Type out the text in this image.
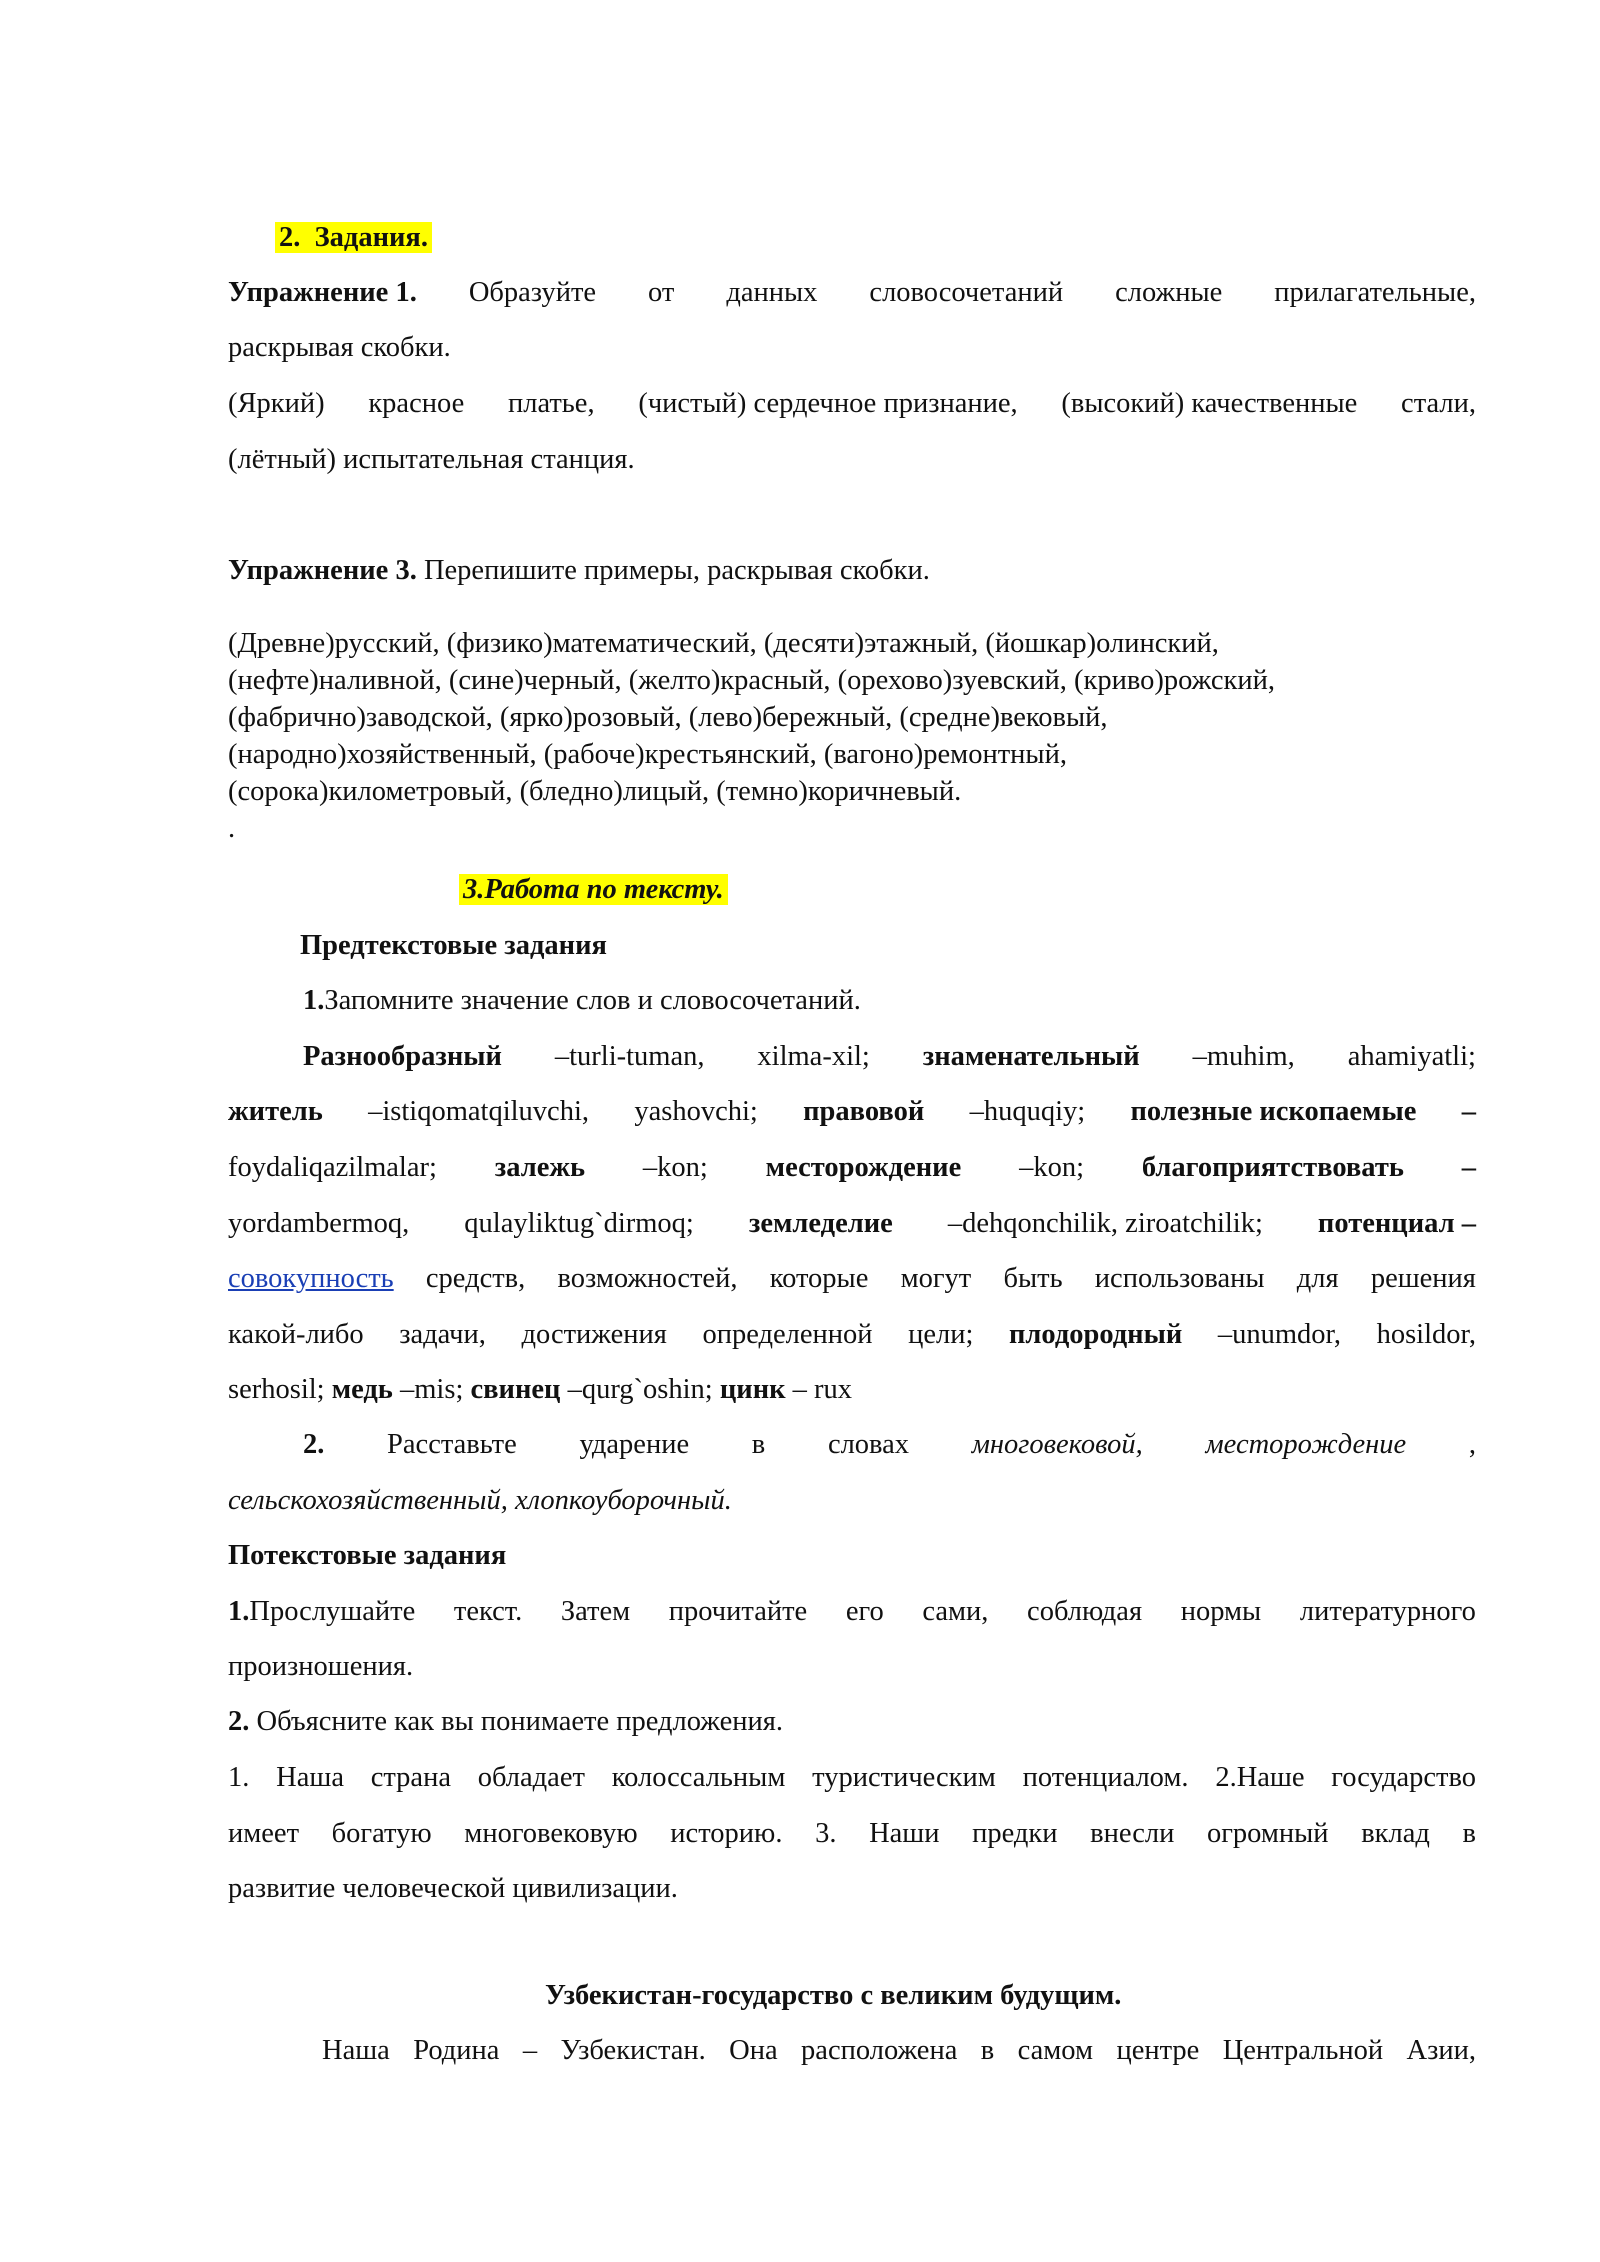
2. Задания.
Упражнение 1. Образуйте от данных словосочетаний сложные прилагательные,
раскрывая скобки.
(Яркий) красное платье, (чистый) сердечное признание, (высокий) качественные стали,
(лётный) испытательная станция.
Упражнение 3. Перепишите примеры, раскрывая скобки.
(Древне)русский, (физико)математический, (десяти)этажный, (йошкар)олинский,
(нефте)наливной, (сине)черный, (желто)красный, (орехово)зуевский, (криво)рожский,
(фабрично)заводской, (ярко)розовый, (лево)бережный, (средне)вековый,
(народно)хозяйственный, (рабоче)крестьянский, (вагоно)ремонтный,
(сорока)километровый, (бледно)лицый, (темно)коричневый.
.
3.Работа по тексту.
Предтекстовые задания
1.Запомните значение слов и словосочетаний.
Разнообразный –turli-tuman, xilma-xil; знаменательный –muhim, ahamiyatli;
житель –istiqomatqiluvchi, yashovchi; правовой –huquqiy; полезные ископаемые –
foydaliqazilmalar; залежь –kon; месторождение –kon; благоприятствовать –
yordambermoq, qulayliktug`dirmoq; земледелие –dehqonchilik, ziroatchilik; потенциал –
совокупность средств, возможностей, которые могут быть использованы для решения
какой-либо задачи, достижения определенной цели; плодородный –unumdor, hosildor,
serhosil; медь –mis; свинец –qurg`oshin; цинк – rux
2. Расставьте ударение в словах многовековой, месторождение ,
сельскохозяйственный, хлопкоуборочный.
Потекстовые задания
1.Прослушайте текст. Затем прочитайте его сами, соблюдая нормы литературного
произношения.
2. Объясните как вы понимаете предложения.
1. Наша страна обладает колоссальным туристическим потенциалом. 2.Наше государство
имеет богатую многовековую историю. 3. Наши предки внесли огромный вклад в
развитие человеческой цивилизации.
Узбекистан-государство с великим будущим.
Наша Родина – Узбекистан. Она расположена в самом центре Центральной Азии,
